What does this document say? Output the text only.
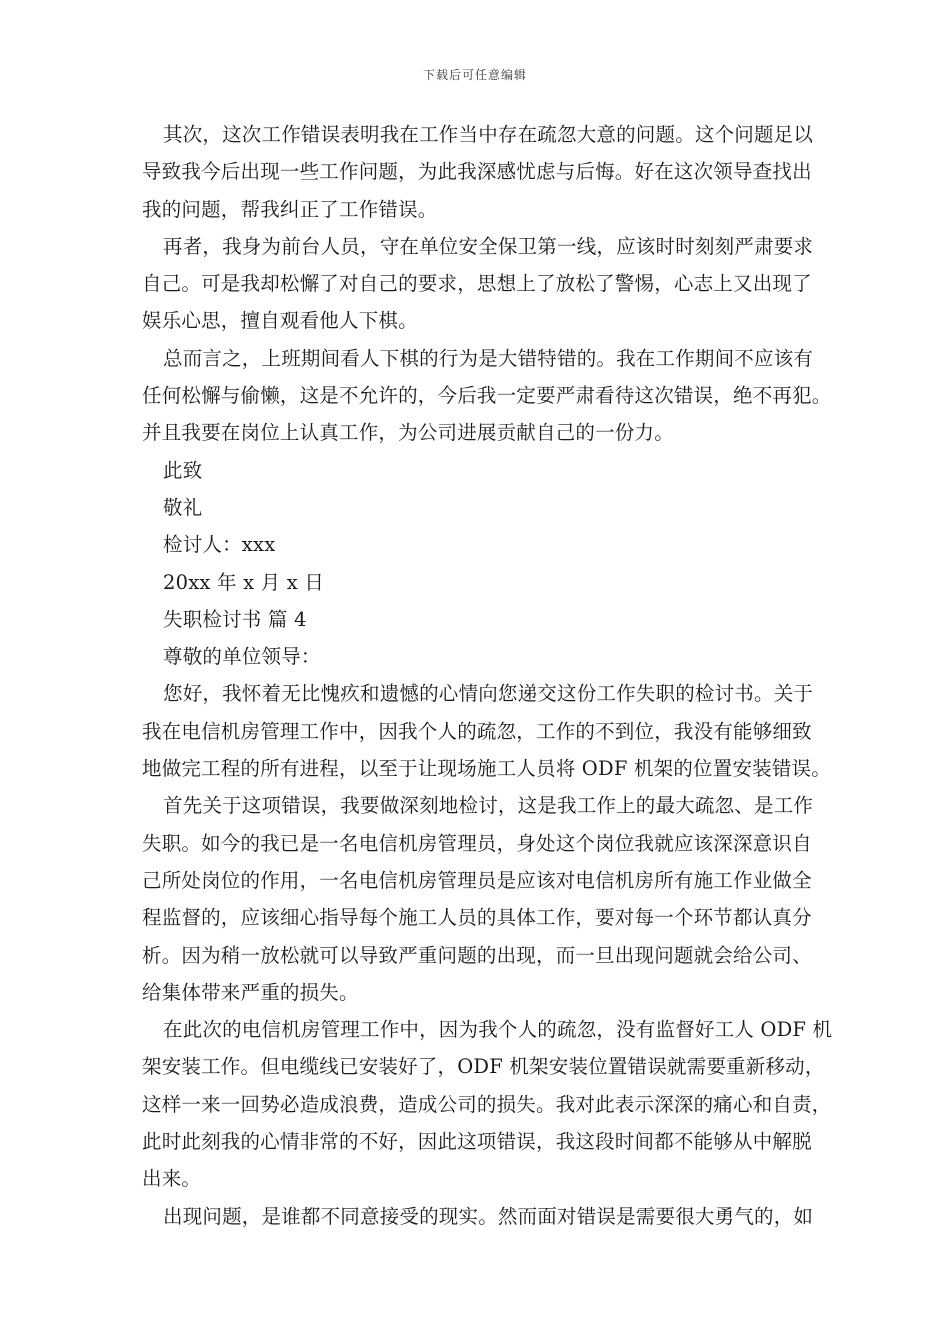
下载后可任意编辑
其次，这次工作错误表明我在工作当中存在疏忽大意的问题。这个问题足以
导致我今后出现一些工作问题，为此我深感忧虑与后悔。好在这次领导查找出
我的问题，帮我纠正了工作错误。
再者，我身为前台人员，守在单位安全保卫第一线，应该时时刻刻严肃要求
自己。可是我却松懈了对自己的要求，思想上了放松了警惕，心志上又出现了
娱乐心思，擅自观看他人下棋。
总而言之，上班期间看人下棋的行为是大错特错的。我在工作期间不应该有
任何松懈与偷懒，这是不允许的，今后我一定要严肃看待这次错误，绝不再犯。
并且我要在岗位上认真工作，为公司进展贡献自己的一份力。
此致
敬礼
检讨人：xxx
20xx 年 x 月 x 日
失职检讨书 篇 4
尊敬的单位领导：
您好，我怀着无比愧疚和遗憾的心情向您递交这份工作失职的检讨书。关于
我在电信机房管理工作中，因我个人的疏忽，工作的不到位，我没有能够细致
地做完工程的所有进程，以至于让现场施工人员将 ODF 机架的位置安装错误。
首先关于这项错误，我要做深刻地检讨，这是我工作上的最大疏忽、是工作
失职。如今的我已是一名电信机房管理员，身处这个岗位我就应该深深意识自
己所处岗位的作用，一名电信机房管理员是应该对电信机房所有施工作业做全
程监督的，应该细心指导每个施工人员的具体工作，要对每一个环节都认真分
析。因为稍一放松就可以导致严重问题的出现，而一旦出现问题就会给公司、
给集体带来严重的损失。
在此次的电信机房管理工作中，因为我个人的疏忽，没有监督好工人 ODF 机
架安装工作。但电缆线已安装好了，ODF 机架安装位置错误就需要重新移动，
这样一来一回势必造成浪费，造成公司的损失。我对此表示深深的痛心和自责，
此时此刻我的心情非常的不好，因此这项错误，我这段时间都不能够从中解脱
出来。
出现问题，是谁都不同意接受的现实。然而面对错误是需要很大勇气的，如
